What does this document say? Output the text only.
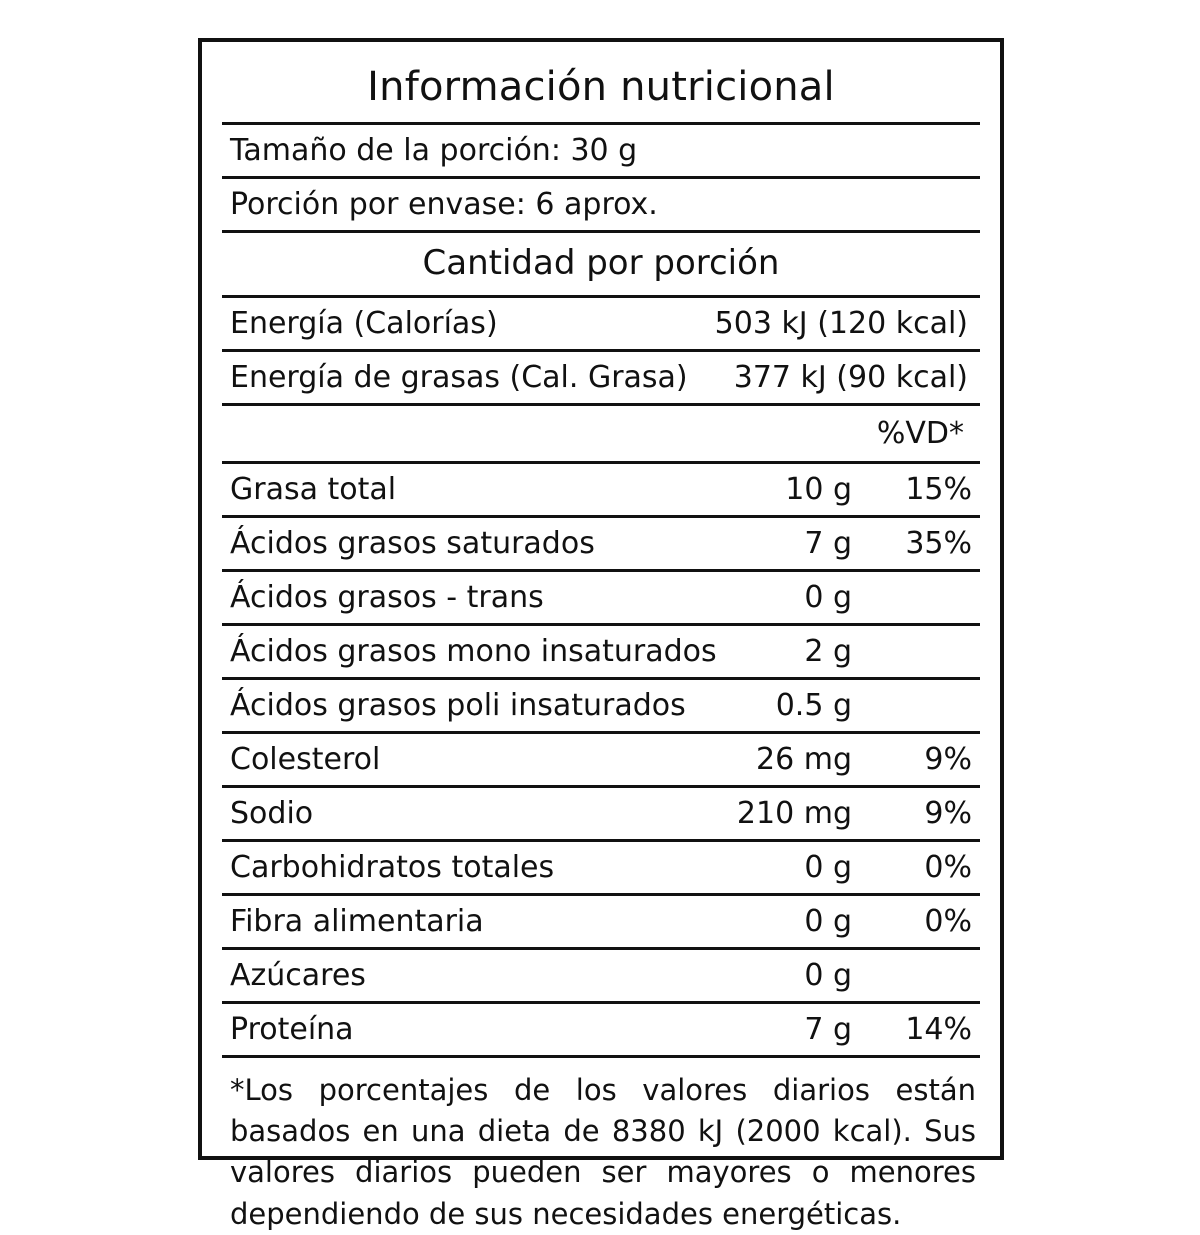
Información nutricional
Tamaño de la porción: 30 g
Porción por envase: 6 aprox.
Cantidad por porción
Energía (Calorías)	503 kJ (120 kcal)
Energía de grasas (Cal. Grasa)	377 kJ (90 kcal)
%VD*
Grasa total	10 g	15%
Ácidos grasos saturados	7 g	35%
Ácidos grasos - trans	0 g
Ácidos grasos mono insaturados	2 g
Ácidos grasos poli insaturados	0.5 g
Colesterol	26 mg	9%
Sodio	210 mg	9%
Carbohidratos totales	0 g	0%
Fibra alimentaria	0 g	0%
Azúcares	0 g
Proteína	7 g	14%

*Los porcentajes de los valores diarios están basados en una dieta de 8380 kJ (2000 kcal). Sus valores diarios pueden ser mayores o menores dependiendo de sus necesidades energéticas.
